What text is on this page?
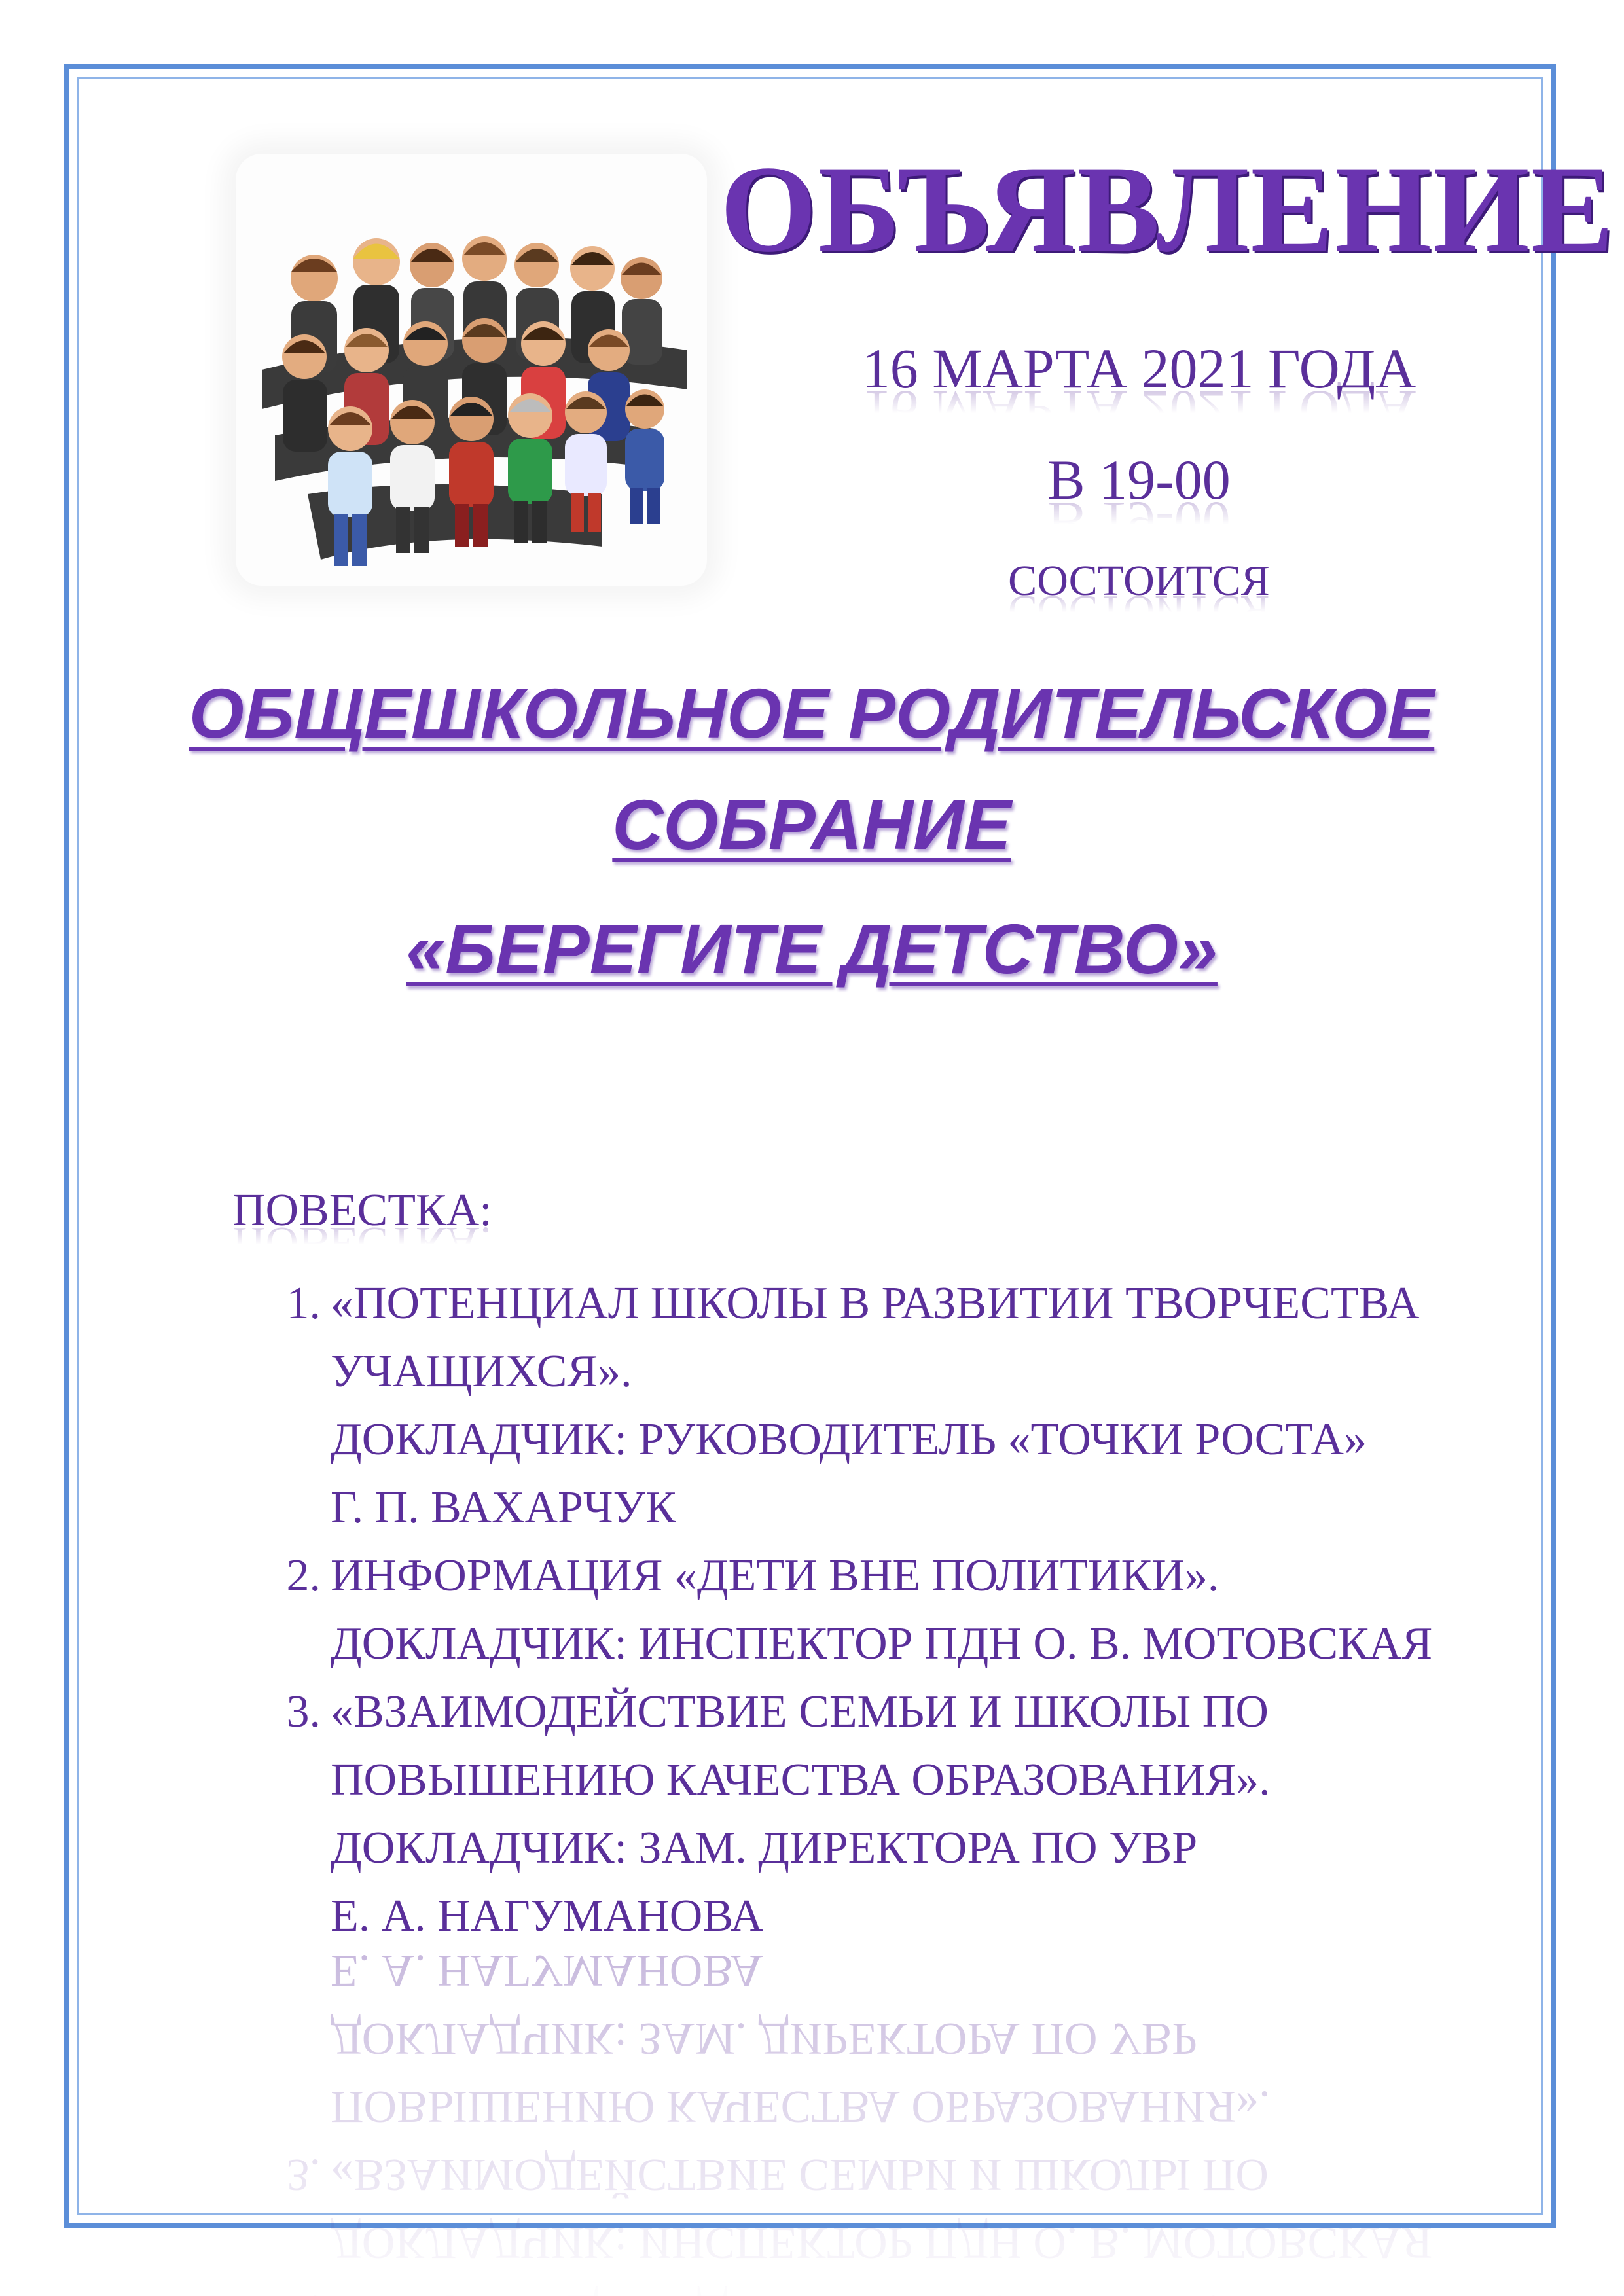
ОБЪЯВЛЕНИЕ
16 МАРТА 2021 ГОДА
В 19-00
СОСТОИТСЯ
ОБЩЕШКОЛЬНОЕ РОДИТЕЛЬСКОЕ
СОБРАНИЕ
«БЕРЕГИТЕ ДЕТСТВО»
ПОВЕСТКА:
1. «ПОТЕНЦИАЛ ШКОЛЫ В РАЗВИТИИ ТВОРЧЕСТВА
УЧАЩИХСЯ».
ДОКЛАДЧИК: РУКОВОДИТЕЛЬ «ТОЧКИ РОСТА»
Г. П. ВАХАРЧУК
2. ИНФОРМАЦИЯ «ДЕТИ ВНЕ ПОЛИТИКИ».
ДОКЛАДЧИК: ИНСПЕКТОР ПДН О. В. МОТОВСКАЯ
3. «ВЗАИМОДЕЙСТВИЕ СЕМЬИ И ШКОЛЫ ПО
ПОВЫШЕНИЮ КАЧЕСТВА ОБРАЗОВАНИЯ».
ДОКЛАДЧИК: ЗАМ. ДИРЕКТОРА ПО УВР
Е. А. НАГУМАНОВА
